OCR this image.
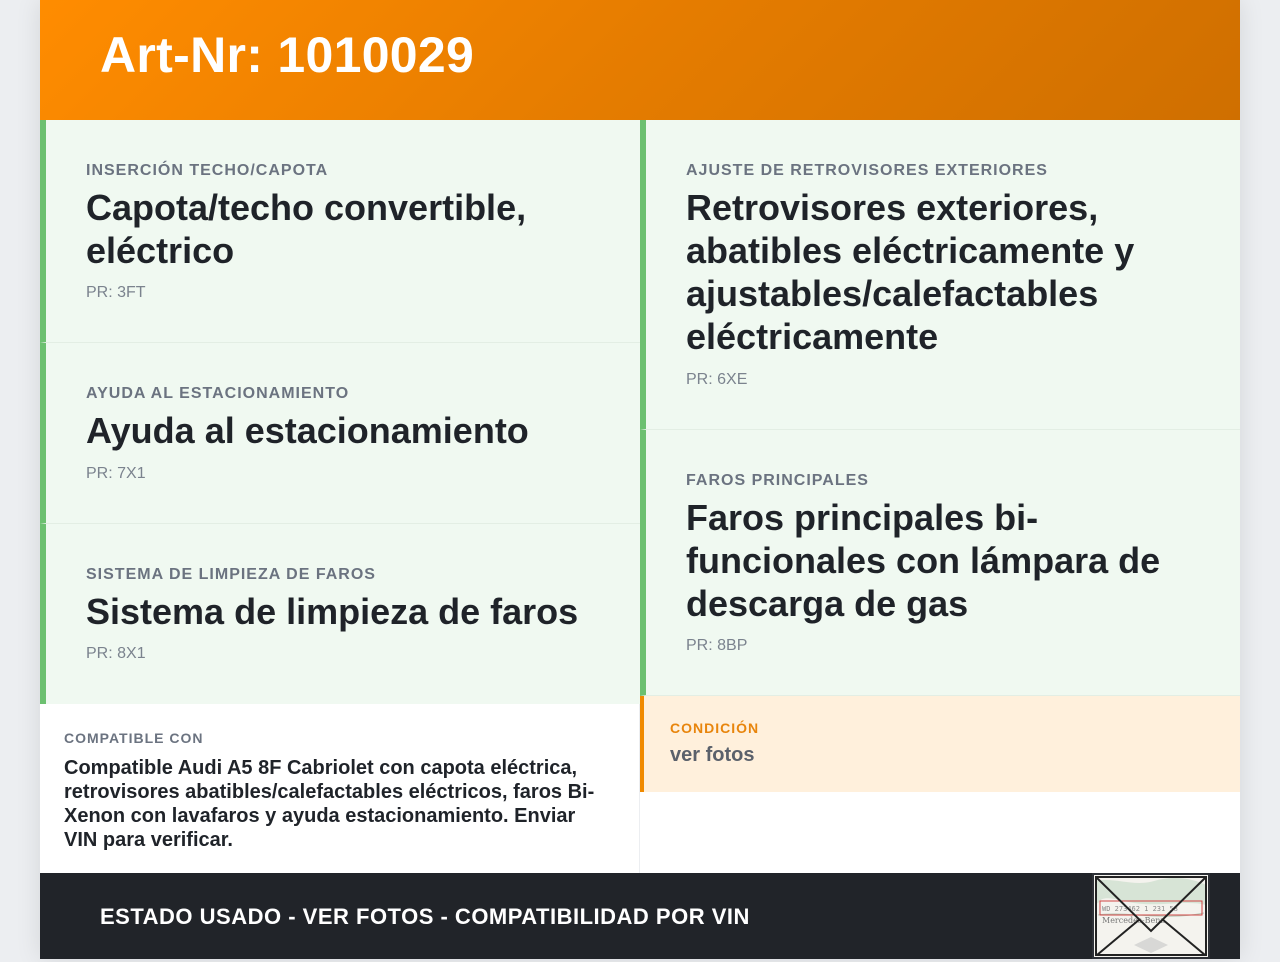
Art-Nr: 1010029
INSERCIÓN TECHO/CAPOTA
Capota/techo convertible, eléctrico
PR: 3FT
AYUDA AL ESTACIONAMIENTO
Ayuda al estacionamiento
PR: 7X1
SISTEMA DE LIMPIEZA DE FAROS
Sistema de limpieza de faros
PR: 8X1
COMPATIBLE CON
Compatible Audi A5 8F Cabriolet con capota eléctrica, retrovisores abatibles/calefactables eléctricos, faros Bi-Xenon con lavafaros y ayuda estacionamiento. Enviar VIN para verificar.
AJUSTE DE RETROVISORES EXTERIORES
Retrovisores exteriores, abatibles eléctricamente y ajustables/calefactables eléctricamente
PR: 6XE
FAROS PRINCIPALES
Faros principales bi-funcionales con lámpara de descarga de gas
PR: 8BP
CONDICIÓN
ver fotos
ESTADO USADO - VER FOTOS - COMPATIBILIDAD POR VIN	WD 273462 1 231 58
Mercedes-Benz
